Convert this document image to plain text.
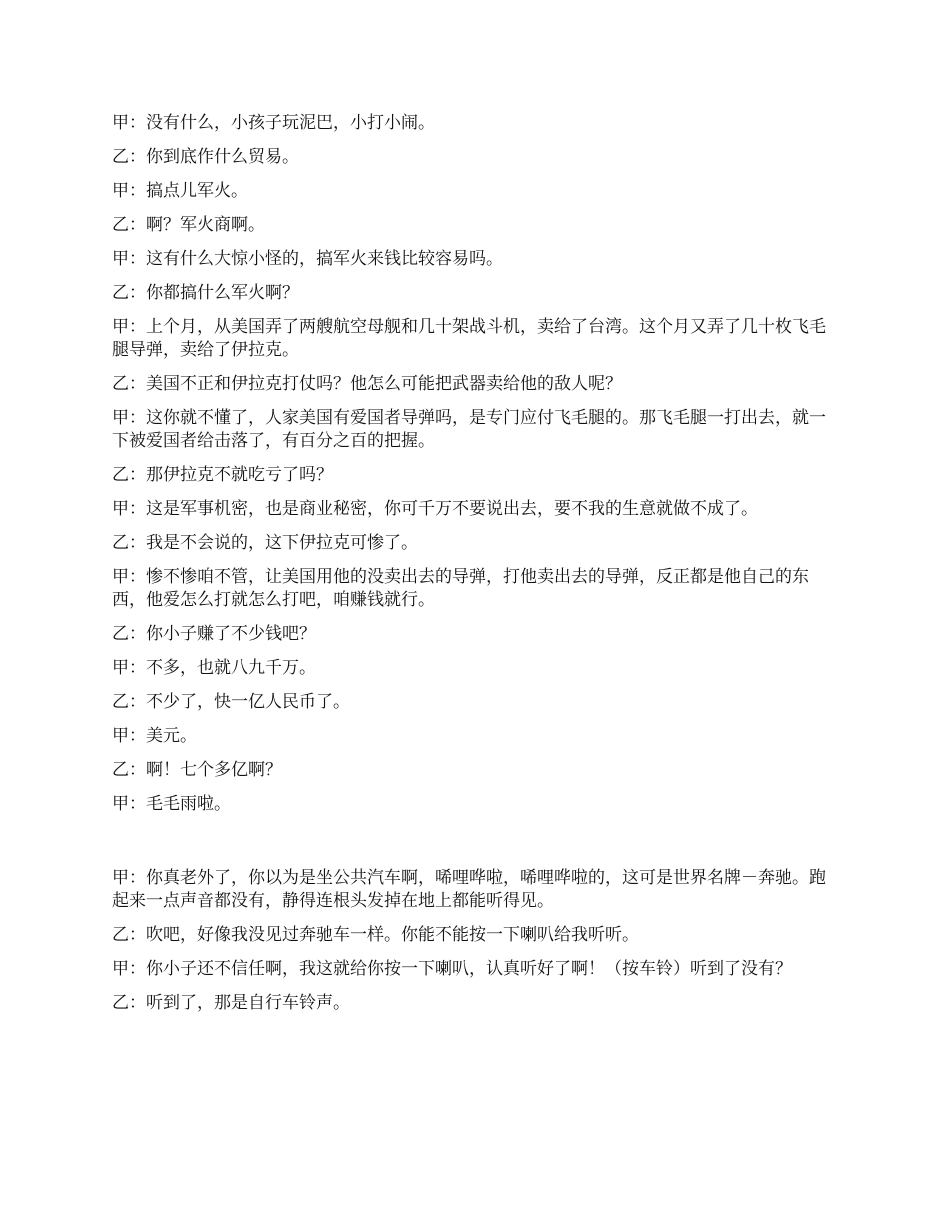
甲：没有什么，小孩子玩泥巴，小打小闹。

乙：你到底作什么贸易。

甲：搞点儿军火。

乙：啊？军火商啊。

甲：这有什么大惊小怪的，搞军火来钱比较容易吗。

乙：你都搞什么军火啊？

甲：上个月，从美国弄了两艘航空母舰和几十架战斗机，卖给了台湾。这个月又弄了几十枚飞毛腿导弹，卖给了伊拉克。

乙：美国不正和伊拉克打仗吗？他怎么可能把武器卖给他的敌人呢？

甲：这你就不懂了，人家美国有爱国者导弹吗，是专门应付飞毛腿的。那飞毛腿一打出去，就一下被爱国者给击落了，有百分之百的把握。

乙：那伊拉克不就吃亏了吗？

甲：这是军事机密，也是商业秘密，你可千万不要说出去，要不我的生意就做不成了。

乙：我是不会说的，这下伊拉克可惨了。

甲：惨不惨咱不管，让美国用他的没卖出去的导弹，打他卖出去的导弹，反正都是他自己的东西，他爱怎么打就怎么打吧，咱赚钱就行。

乙：你小子赚了不少钱吧？

甲：不多，也就八九千万。

乙：不少了，快一亿人民币了。

甲：美元。

乙：啊！七个多亿啊？

甲：毛毛雨啦。

甲：你真老外了，你以为是坐公共汽车啊，唏哩哗啦，唏哩哗啦的，这可是世界名牌－奔驰。跑起来一点声音都没有，静得连根头发掉在地上都能听得见。

乙：吹吧，好像我没见过奔驰车一样。你能不能按一下喇叭给我听听。

甲：你小子还不信任啊，我这就给你按一下喇叭，认真听好了啊！（按车铃）听到了没有？

乙：听到了，那是自行车铃声。
